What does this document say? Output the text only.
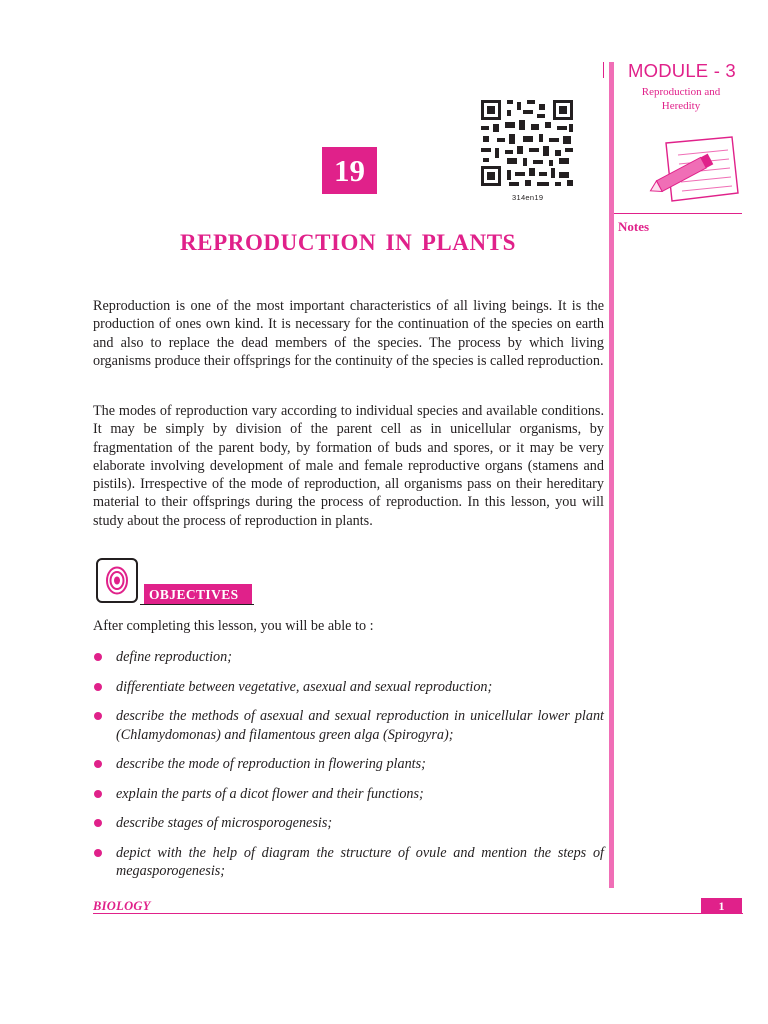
MODULE - 3
Reproduction and
Heredity
Notes
19
314en19
REPRODUCTION IN PLANTS
Reproduction is one of the most important characteristics of all living beings. It is the production of ones own kind. It is necessary for the continuation of the species on earth and also to replace the dead members of the species. The process by which living organisms produce their offsprings for the continuity of the species is called reproduction.
The modes of reproduction vary according to individual species and available conditions. It may be simply by division of the parent cell as in unicellular organisms, by fragmentation of the parent body, by formation of buds and spores, or it may be very elaborate involving development of male and female reproductive organs (stamens and pistils). Irrespective of the mode of reproduction, all organisms pass on their hereditary material to their offsprings during the process of reproduction. In this lesson, you will study about the process of reproduction in plants.
OBJECTIVES
After completing this lesson, you will be able to :
define reproduction;
differentiate between vegetative, asexual and sexual reproduction;
describe the methods of asexual and sexual reproduction in unicellular lower plant (Chlamydomonas) and filamentous green alga (Spirogyra);
describe the mode of reproduction in flowering plants;
explain the parts of a dicot flower and their functions;
describe stages of microsporogenesis;
depict with the help of diagram the structure of ovule and mention the steps of megasporogenesis;
BIOLOGY	1
